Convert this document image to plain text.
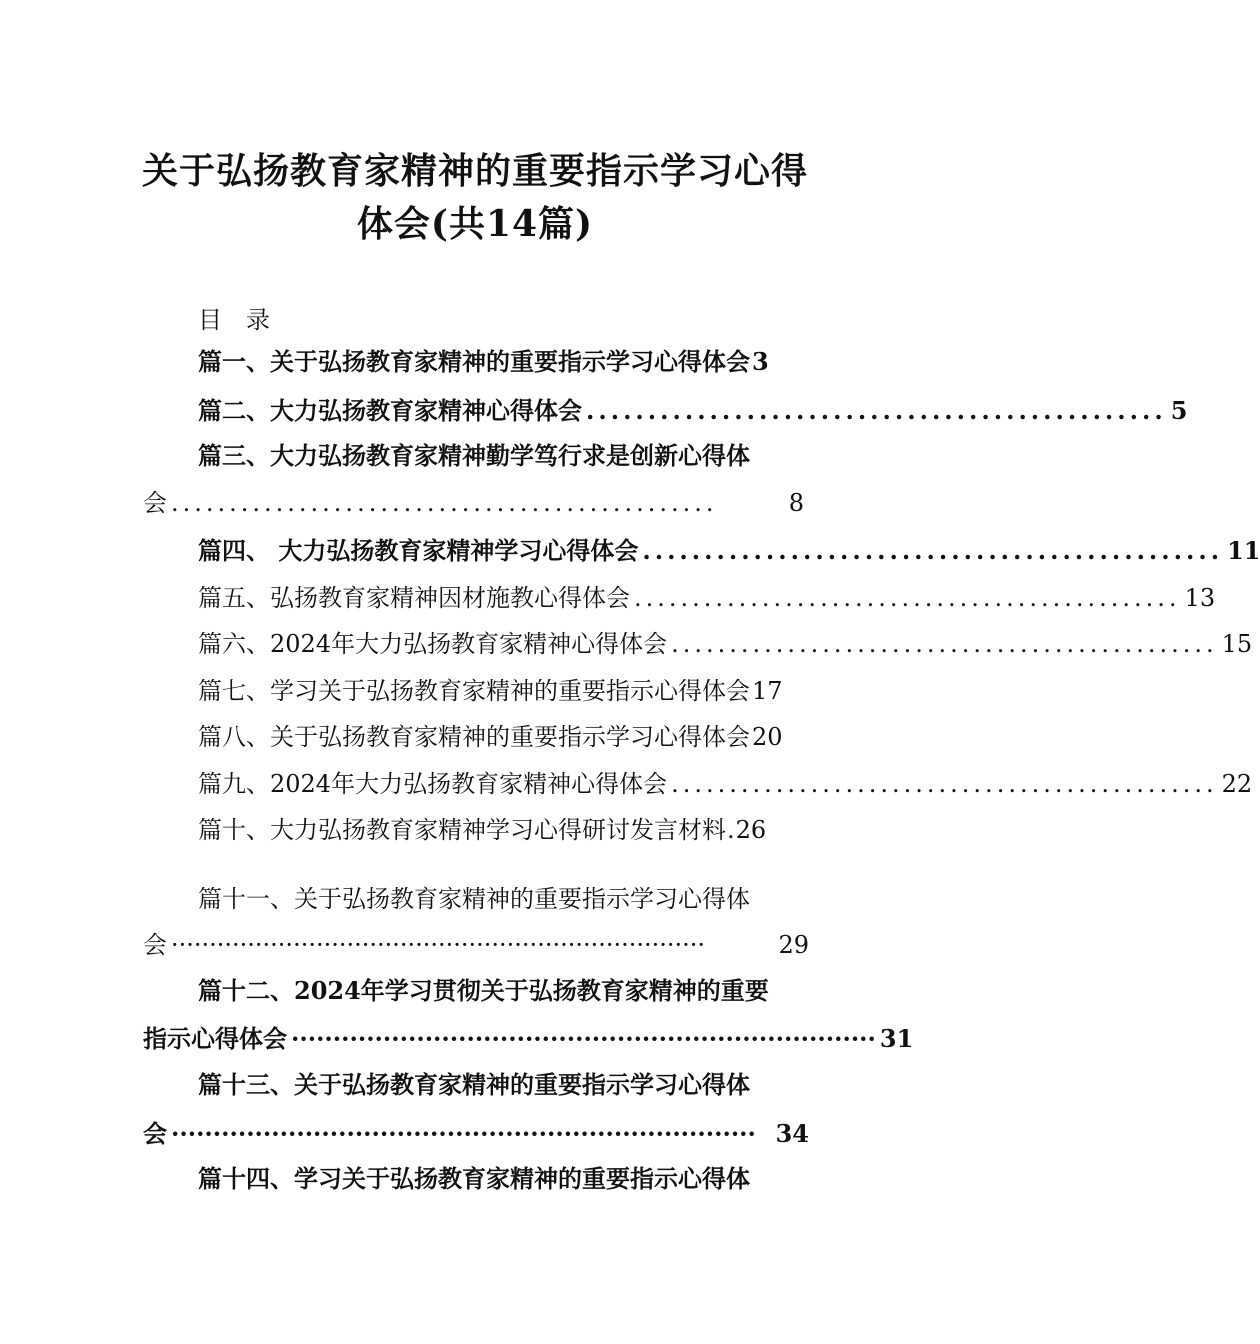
关于弘扬教育家精神的重要指示学习心得
体会(共14篇)
目录
篇一、关于弘扬教育家精神的重要指示学习心得体会 3
篇二、大力弘扬教育家精神心得体会 ............................................... 5
篇三、大力弘扬教育家精神勤学笃行求是创新心得体
会 ...............................................	8
篇四、 大力弘扬教育家精神学习心得体会 ............................................... 11
篇五、弘扬教育家精神因材施教心得体会 ............................................... 13
篇六、2024年大力弘扬教育家精神心得体会 ............................................... 15
篇七、学习关于弘扬教育家精神的重要指示心得体会 17
篇八、关于弘扬教育家精神的重要指示学习心得体会 20
篇九、2024年大力弘扬教育家精神心得体会 ............................................... 22
篇十、大力弘扬教育家精神学习心得研讨发言材料 . 26
篇十一、关于弘扬教育家精神的重要指示学习心得体
会 ······································································	29
篇十二、2024年学习贯彻关于弘扬教育家精神的重要
指示心得体会 ······································································ 31
篇十三、关于弘扬教育家精神的重要指示学习心得体
会 ······································································ 34
篇十四、学习关于弘扬教育家精神的重要指示心得体
